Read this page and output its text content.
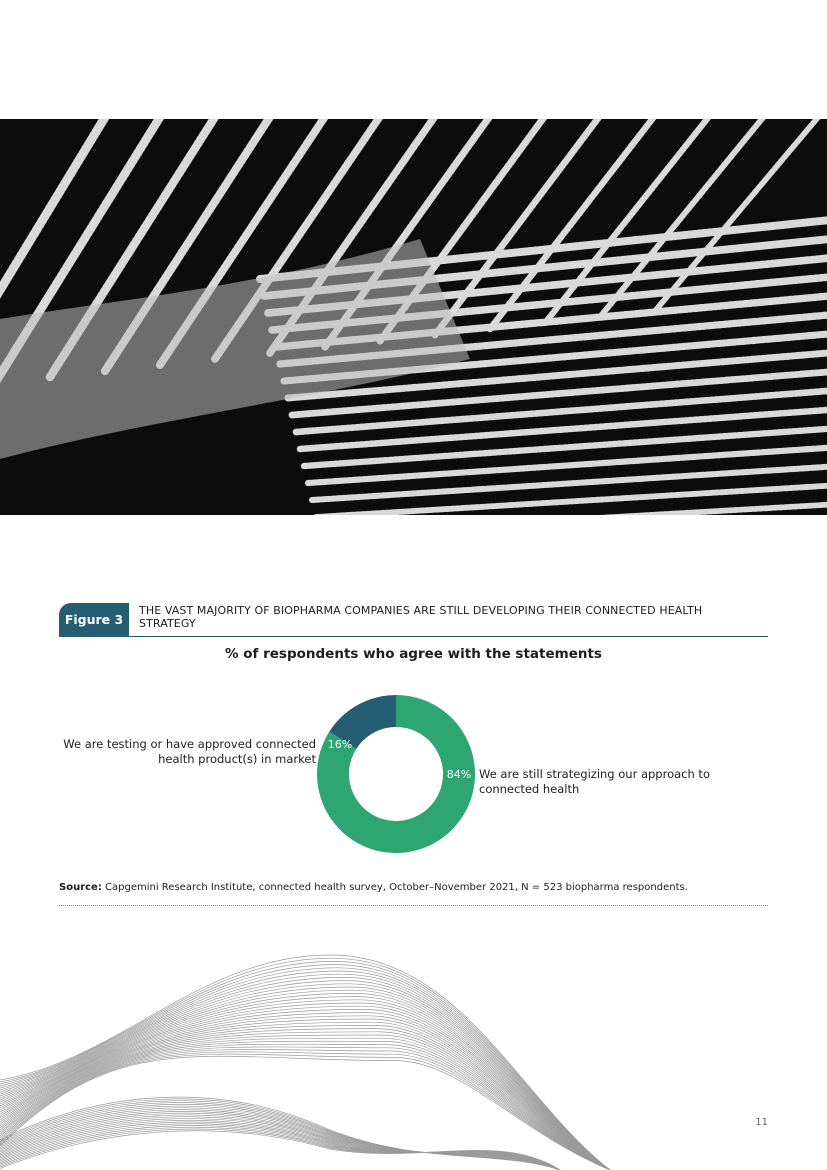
Figure 3
THE VAST MAJORITY OF BIOPHARMA COMPANIES ARE STILL DEVELOPING THEIR CONNECTED HEALTH STRATEGY
% of respondents who agree with the statements
16%
84%
We are testing or have approved connected
health product(s) in market
We are still strategizing our approach to
connected health
Source: Capgemini Research Institute, connected health survey, October–November 2021, N = 523 biopharma respondents.
11
